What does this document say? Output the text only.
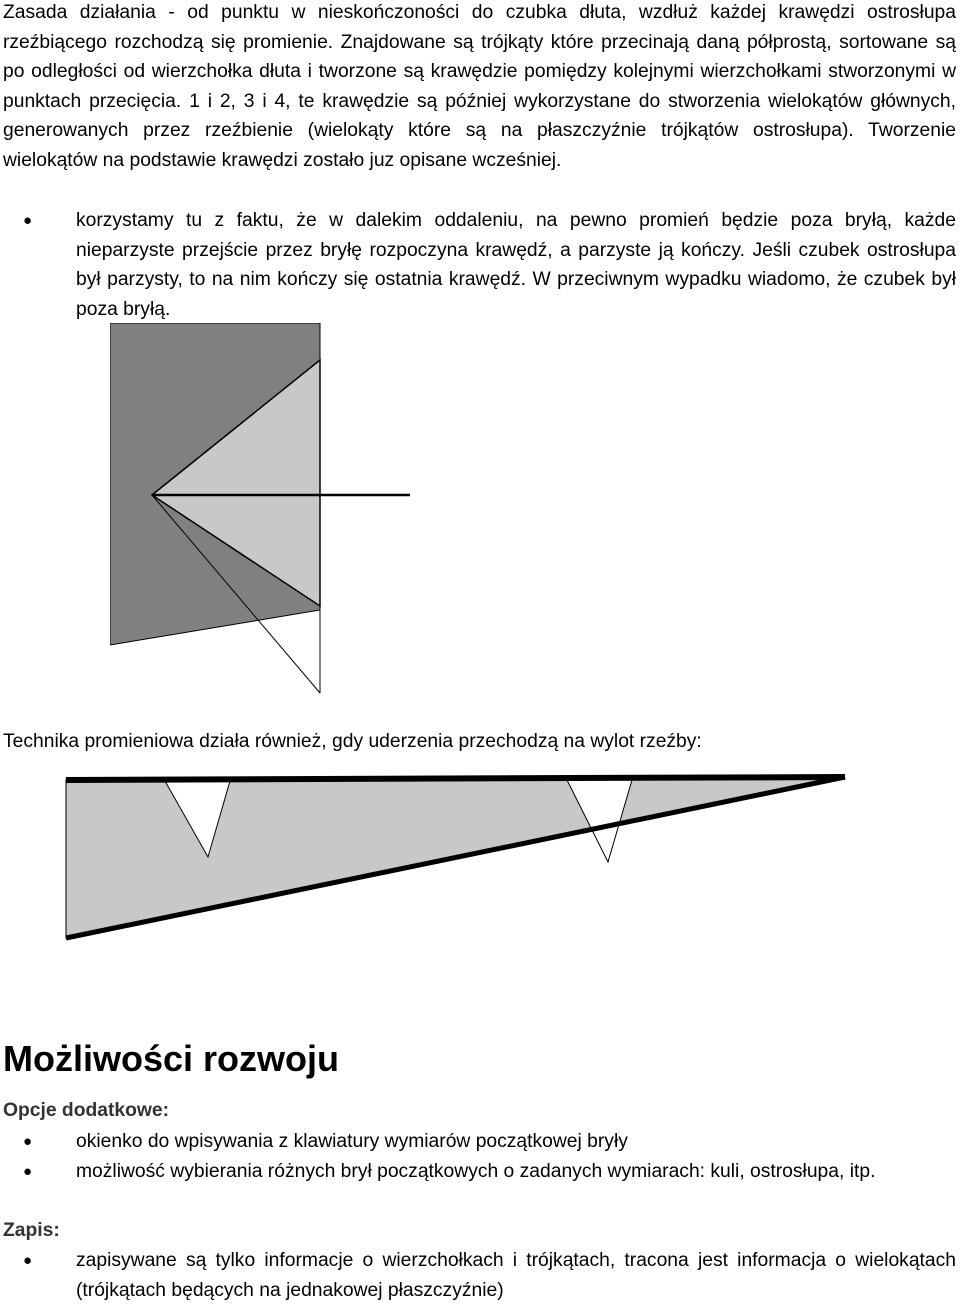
Zasada działania - od punktu w nieskończoności do czubka dłuta, wzdłuż każdej krawędzi ostrosłupa rzeźbiącego rozchodzą się promienie. Znajdowane są trójkąty które przecinają daną półprostą, sortowane są po odległości od wierzchołka dłuta i tworzone są krawędzie pomiędzy kolejnymi wierzchołkami stworzonymi w punktach przecięcia. 1 i 2, 3 i 4, te krawędzie są później wykorzystane do stworzenia wielokątów głównych, generowanych przez rzeźbienie (wielokąty które są na płaszczyźnie trójkątów ostrosłupa). Tworzenie wielokątów na podstawie krawędzi zostało juz opisane wcześniej.

●	korzystamy tu z faktu, że w dalekim oddaleniu, na pewno promień będzie poza bryłą, każde nieparzyste przejście przez bryłę rozpoczyna krawędź, a parzyste ją kończy. Jeśli czubek ostrosłupa był parzysty, to na nim kończy się ostatnia krawędź. W przeciwnym wypadku wiadomo, że czubek był poza bryłą.
Technika promieniowa działa również, gdy uderzenia przechodzą na wylot rzeźby:
Możliwości rozwoju
Opcje dodatkowe:
●	okienko do wpisywania z klawiatury wymiarów początkowej bryły
●	możliwość wybierania różnych brył początkowych o zadanych wymiarach: kuli, ostrosłupa, itp.
Zapis:
●	zapisywane są tylko informacje o wierzchołkach i trójkątach, tracona jest informacja o wielokątach (trójkątach będących na jednakowej płaszczyźnie)
